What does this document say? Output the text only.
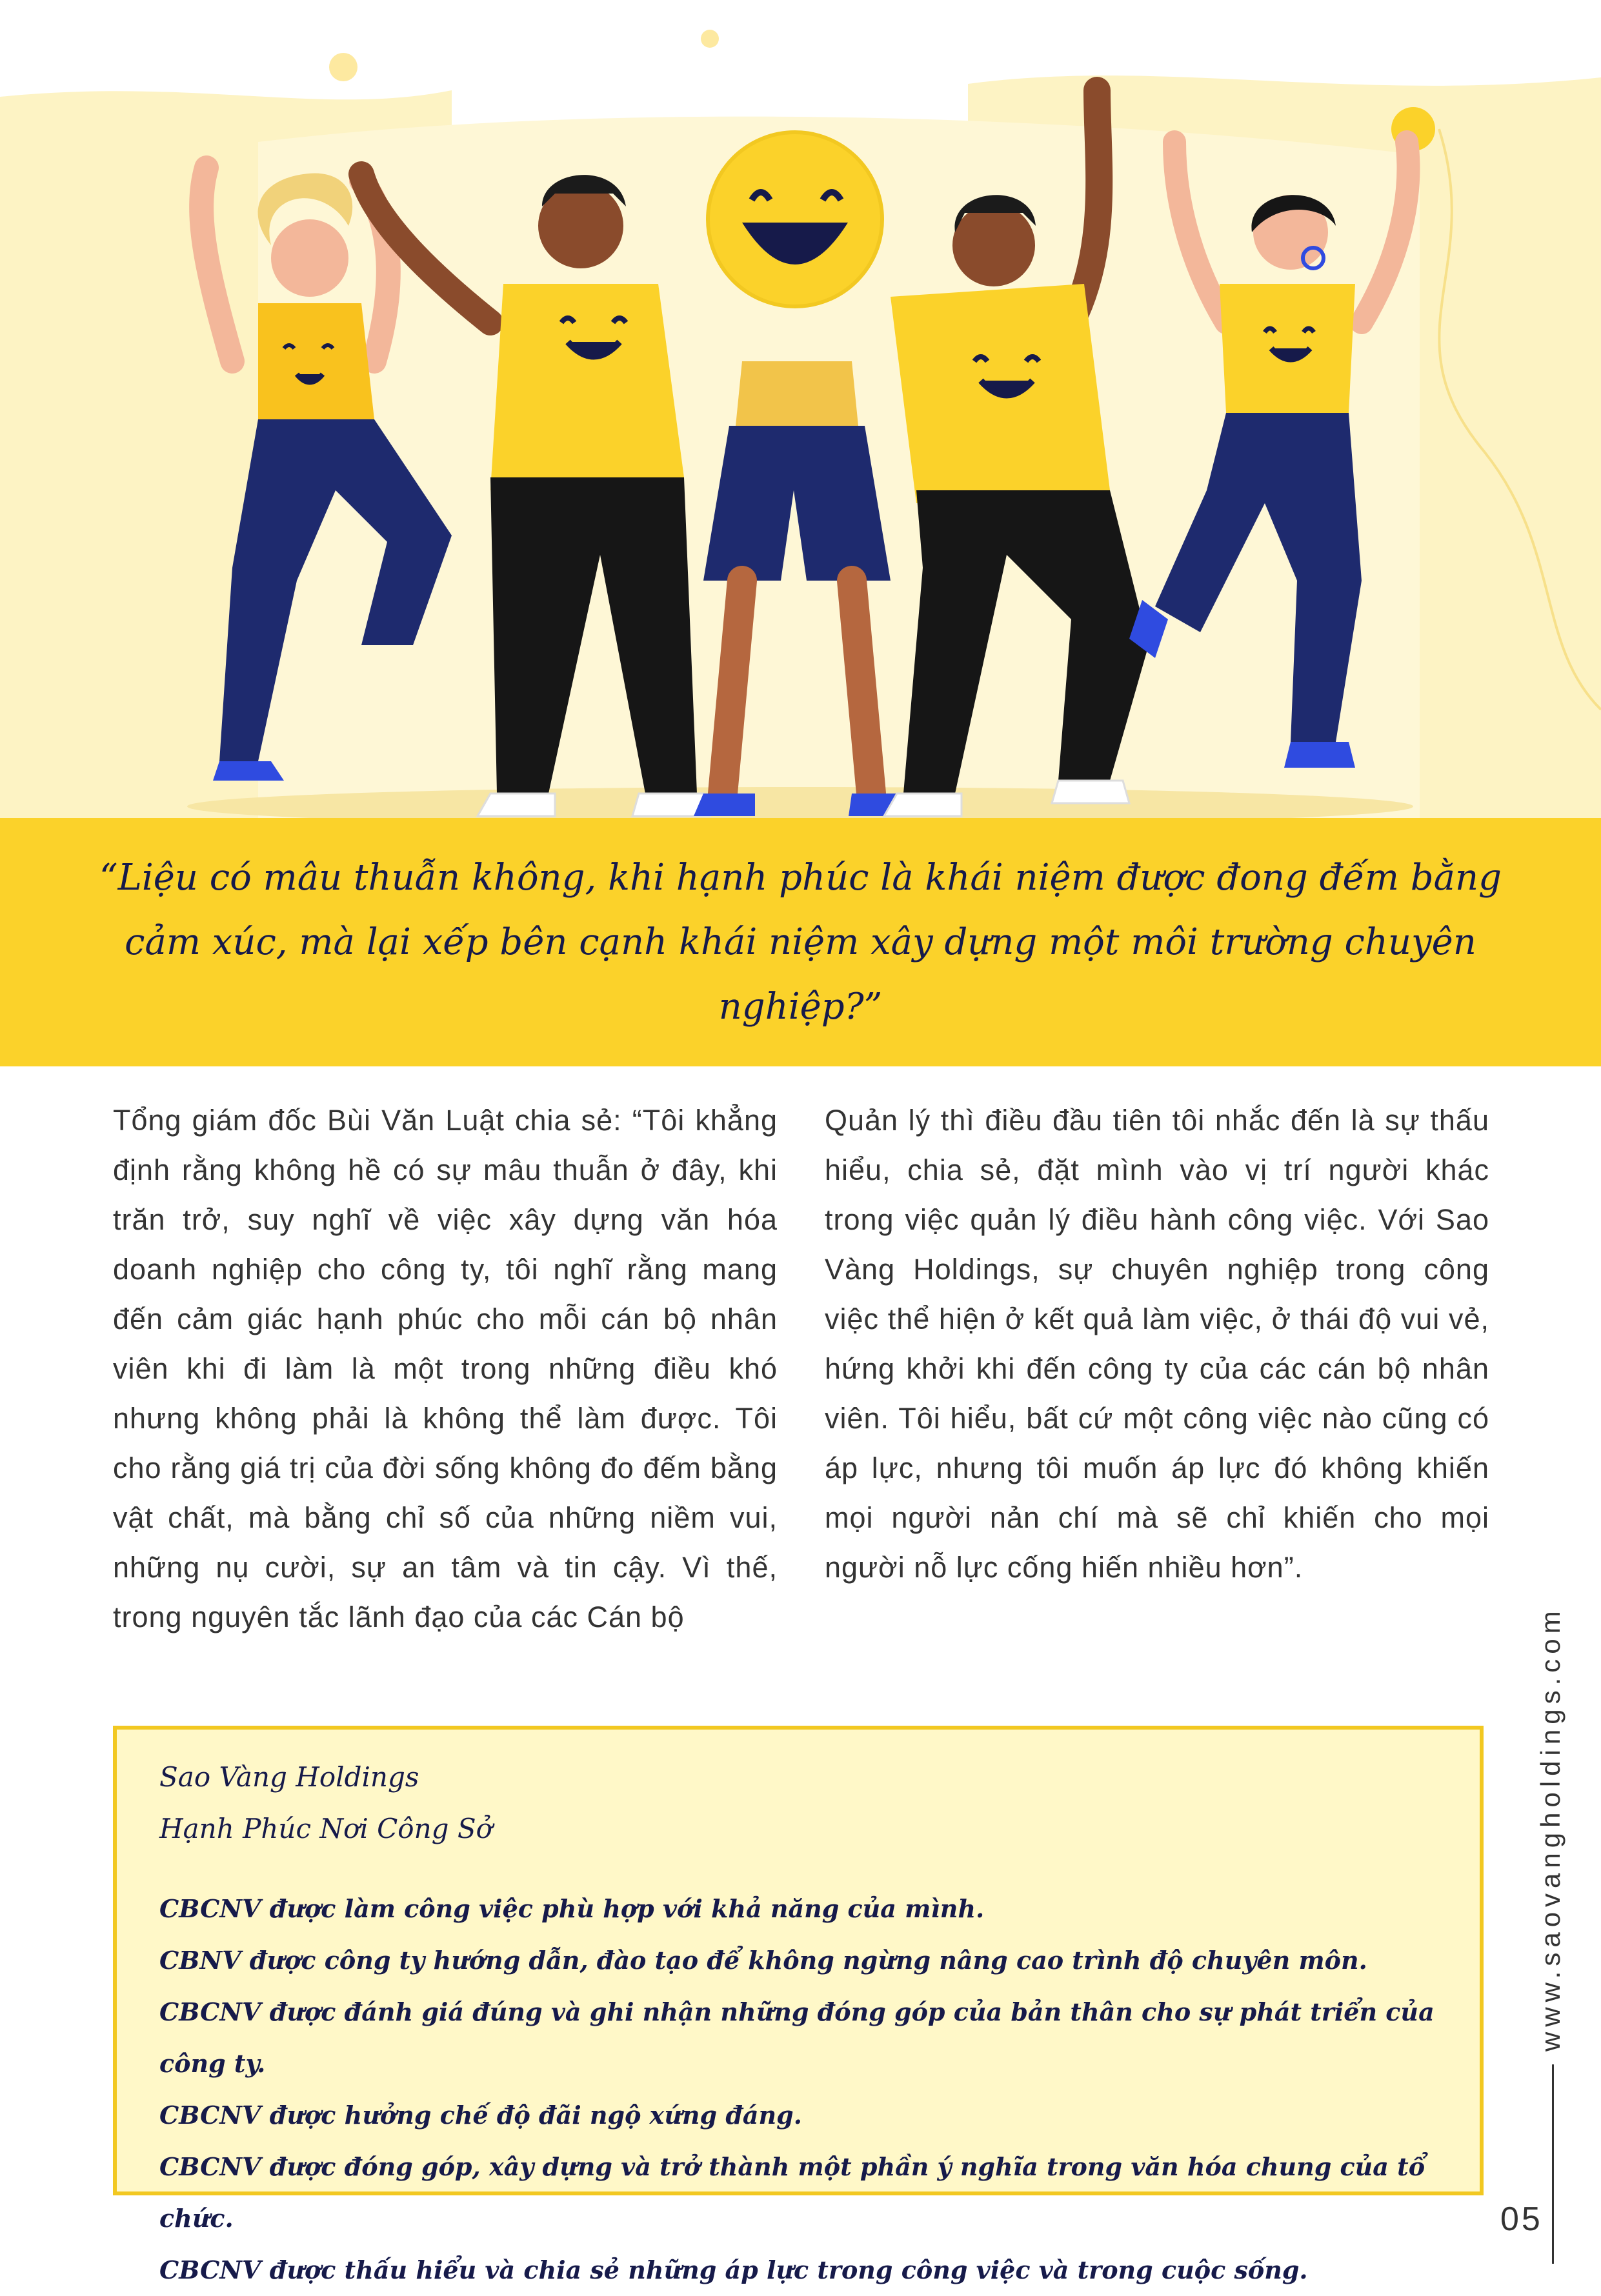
“Liệu có mâu thuẫn không, khi hạnh phúc là khái niệm được đong đếm bằng cảm xúc, mà lại xếp bên cạnh khái niệm xây dựng một môi trường chuyên nghiệp?”
Tổng giám đốc Bùi Văn Luật chia sẻ: “Tôi khẳng định rằng không hề có sự mâu thuẫn ở đây, khi trăn trở, suy nghĩ về việc xây dựng văn hóa doanh nghiệp cho công ty, tôi nghĩ rằng mang đến cảm giác hạnh phúc cho mỗi cán bộ nhân viên khi đi làm là một trong những điều khó nhưng không phải là không thể làm được. Tôi cho rằng giá trị của đời sống không đo đếm bằng vật chất, mà bằng chỉ số của những niềm vui, những nụ cười, sự an tâm và tin cậy. Vì thế, trong nguyên tắc lãnh đạo của các Cán bộ
Quản lý thì điều đầu tiên tôi nhắc đến là sự thấu hiểu, chia sẻ, đặt mình vào vị trí người khác trong việc quản lý điều hành công việc. Với Sao Vàng Holdings, sự chuyên nghiệp trong công việc thể hiện ở kết quả làm việc, ở thái độ vui vẻ, hứng khởi khi đến công ty của các cán bộ nhân viên. Tôi hiểu, bất cứ một công việc nào cũng có áp lực, nhưng tôi muốn áp lực đó không khiến mọi người nản chí mà sẽ chỉ khiến cho mọi người nỗ lực cống hiến nhiều hơn”.
Sao Vàng Holdings
Hạnh Phúc Nơi Công Sở
CBCNV được làm công việc phù hợp với khả năng của mình.
CBNV được công ty hướng dẫn, đào tạo để không ngừng nâng cao trình độ chuyên môn. CBCNV được đánh giá đúng và ghi nhận những đóng góp của bản thân cho sự phát triển của công ty.
CBCNV được hưởng chế độ đãi ngộ xứng đáng.
CBCNV được đóng góp, xây dựng và trở thành một phần ý nghĩa trong văn hóa chung của tổ chức.
CBCNV được thấu hiểu và chia sẻ những áp lực trong công việc và trong cuộc sống.
www.saovangholdings.com
05
